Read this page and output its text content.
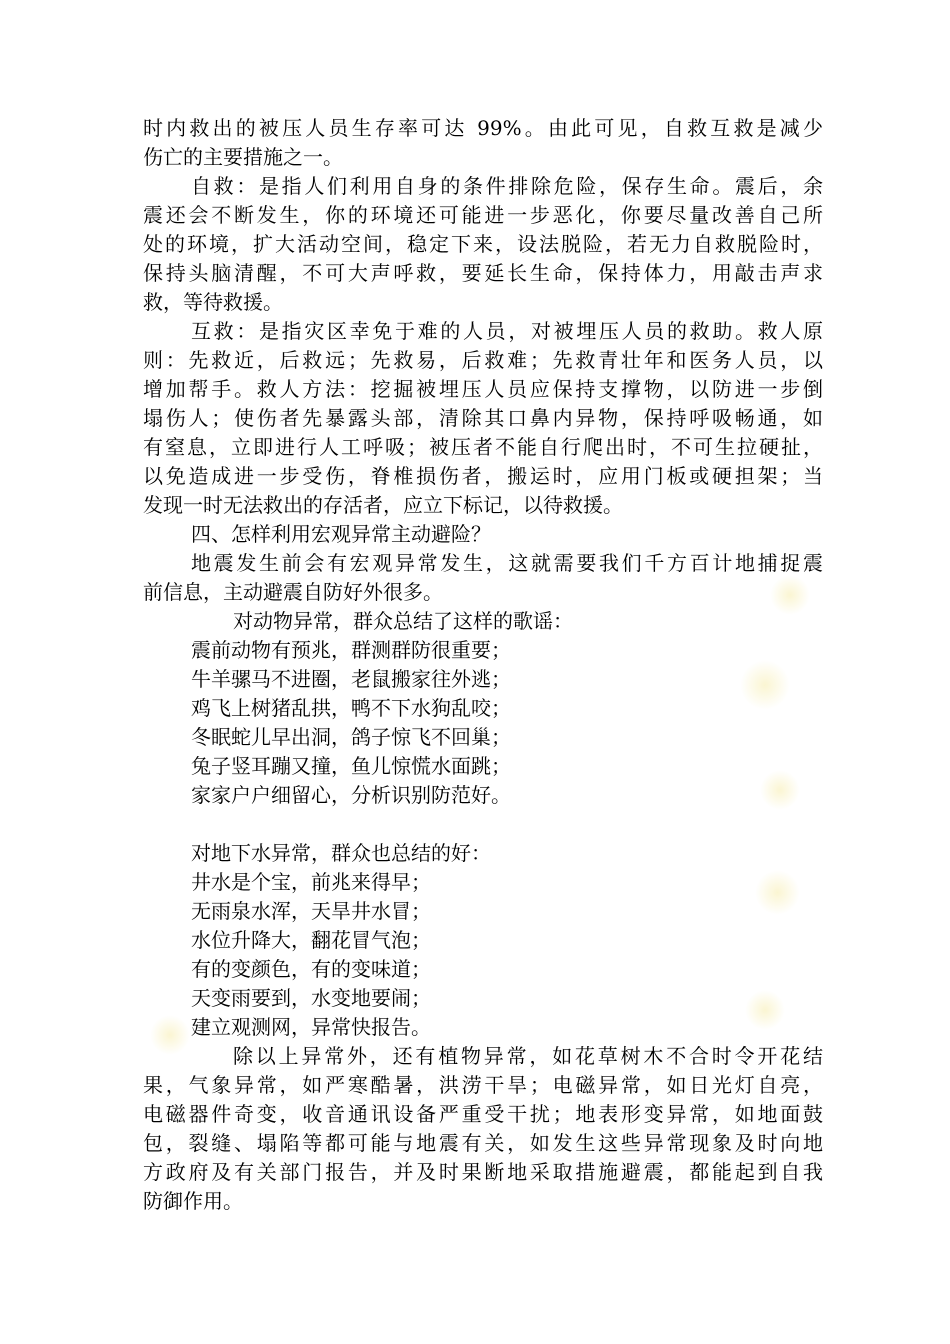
时内救出的被压人员生存率可达 99%。由此可见，自救互救是减少
伤亡的主要措施之一。
自救：是指人们利用自身的条件排除危险，保存生命。震后，余
震还会不断发生，你的环境还可能进一步恶化，你要尽量改善自己所
处的环境，扩大活动空间，稳定下来，设法脱险，若无力自救脱险时，
保持头脑清醒，不可大声呼救，要延长生命，保持体力，用敲击声求
救，等待救援。
互救：是指灾区幸免于难的人员，对被埋压人员的救助。救人原
则：先救近，后救远；先救易，后救难；先救青壮年和医务人员，以
增加帮手。救人方法：挖掘被埋压人员应保持支撑物，以防进一步倒
塌伤人；使伤者先暴露头部，清除其口鼻内异物，保持呼吸畅通，如
有窒息，立即进行人工呼吸；被压者不能自行爬出时，不可生拉硬扯，
以免造成进一步受伤，脊椎损伤者，搬运时，应用门板或硬担架；当
发现一时无法救出的存活者，应立下标记，以待救援。
四、怎样利用宏观异常主动避险？
地震发生前会有宏观异常发生，这就需要我们千方百计地捕捉震
前信息，主动避震自防好外很多。
对动物异常，群众总结了这样的歌谣：
震前动物有预兆，群测群防很重要；
牛羊骡马不进圈，老鼠搬家往外逃；
鸡飞上树猪乱拱，鸭不下水狗乱咬；
冬眠蛇儿早出洞，鸽子惊飞不回巢；
兔子竖耳蹦又撞，鱼儿惊慌水面跳；
家家户户细留心，分析识别防范好。
对地下水异常，群众也总结的好：
井水是个宝，前兆来得早；
无雨泉水浑，天旱井水冒；
水位升降大，翻花冒气泡；
有的变颜色，有的变味道；
天变雨要到，水变地要闹；
建立观测网，异常快报告。
除以上异常外，还有植物异常，如花草树木不合时令开花结
果，气象异常，如严寒酷暑，洪涝干旱；电磁异常，如日光灯自亮，
电磁器件奇变，收音通讯设备严重受干扰；地表形变异常，如地面鼓
包，裂缝、塌陷等都可能与地震有关，如发生这些异常现象及时向地
方政府及有关部门报告，并及时果断地采取措施避震，都能起到自我
防御作用。
